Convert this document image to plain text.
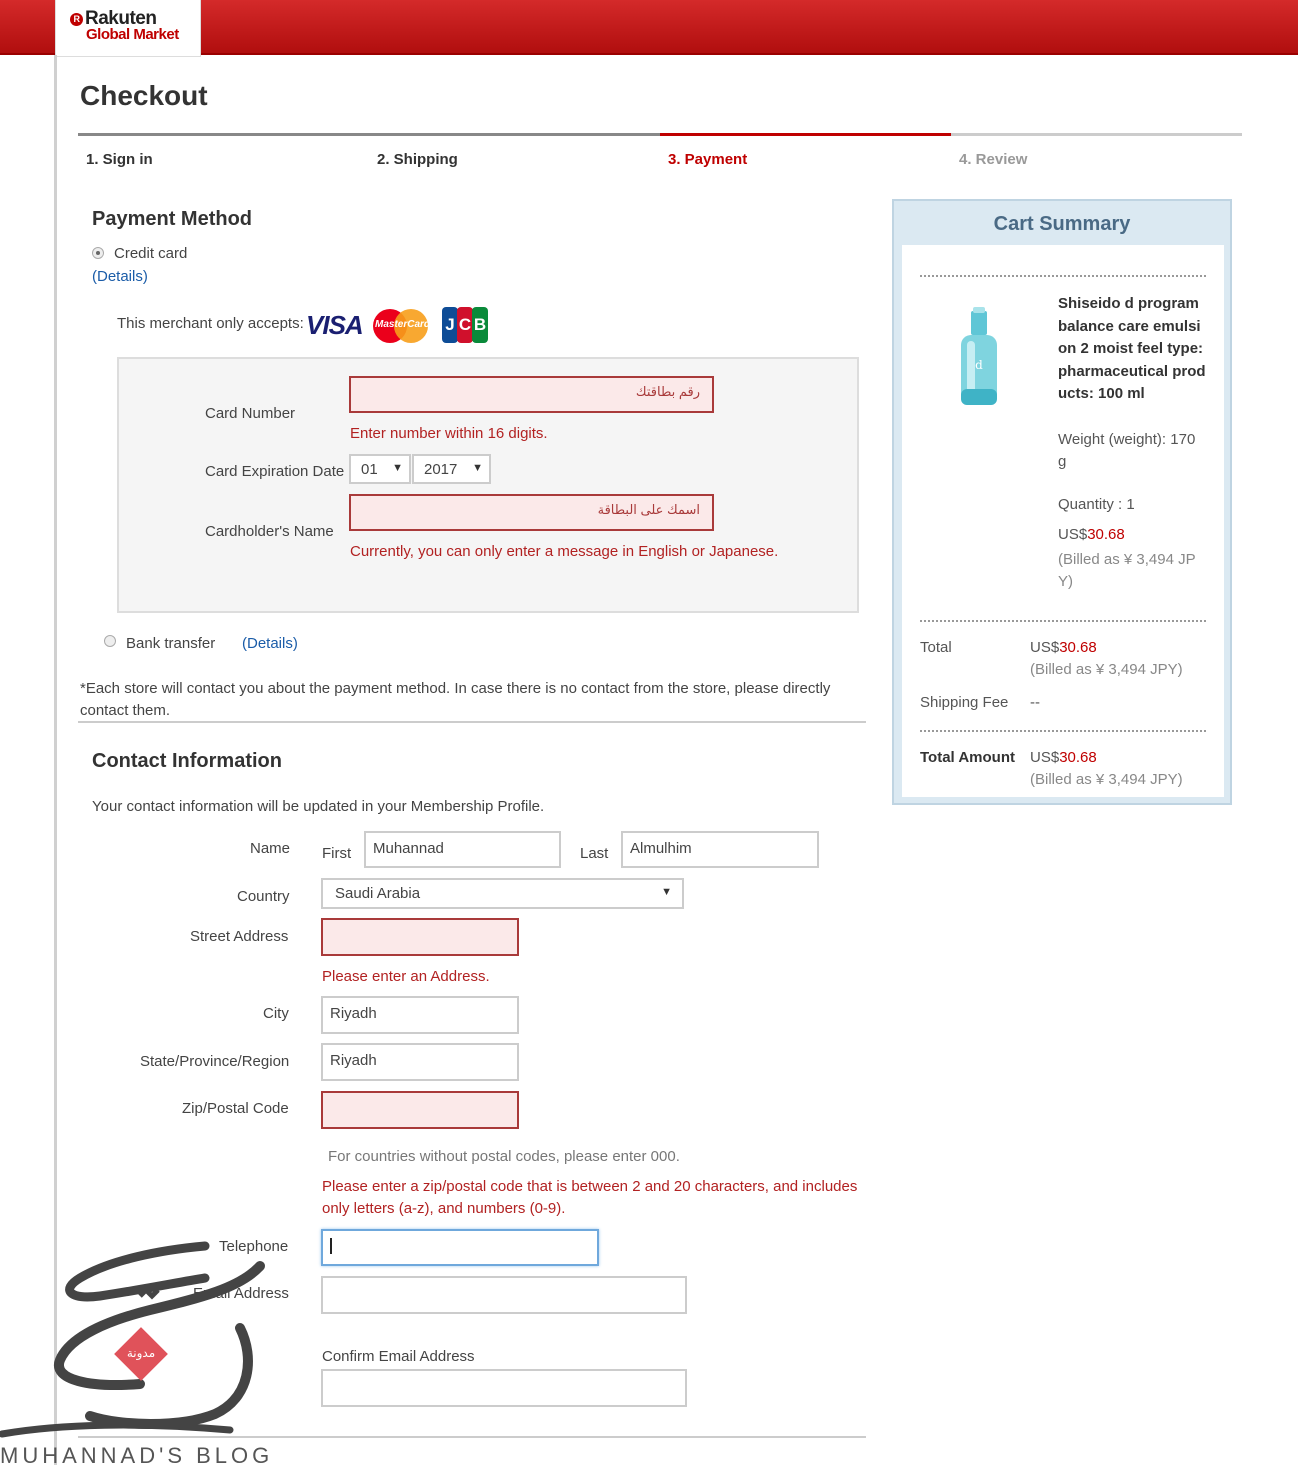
R Rakuten
Global Market
Checkout
1. Sign in	2. Shipping	3. Payment	4. Review
Payment Method
Credit card
(Details)
This merchant only accepts: VISA MasterCard J C B
Card Number
رقم بطاقتك
Enter number within 16 digits.
Card Expiration Date	01 ▼	2017 ▼
Cardholder's Name
اسمك على البطاقة
Currently, you can only enter a message in English or Japanese.
Bank transfer (Details)
*Each store will contact you about the payment method. In case there is no contact from the store, please directly contact them.
Contact Information
Your contact information will be updated in your Membership Profile.
Name First	Muhannad	Last	Almulhim
Country	Saudi Arabia	▼
Street Address
Please enter an Address.
City	Riyadh
State/Province/Region	Riyadh
Zip/Postal Code
For countries without postal codes, please enter 000.
Please enter a zip/postal code that is between 2 and 20 characters, and includes
only letters (a-z), and numbers (0-9).
Telephone
Email Address
Confirm Email Address
Cart Summary
d
Shiseido d program
balance care emulsi
on 2 moist feel type:
pharmaceutical prod
ucts: 100 ml
Weight (weight): 170
g
Quantity : 1
US$30.68
(Billed as ¥ 3,494 JP
Y)
Total	US$30.68
(Billed as ¥ 3,494 JPY)
Shipping Fee --
Total Amount US$30.68
(Billed as ¥ 3,494 JPY)
مدونة
MUHANNAD'S BLOG
